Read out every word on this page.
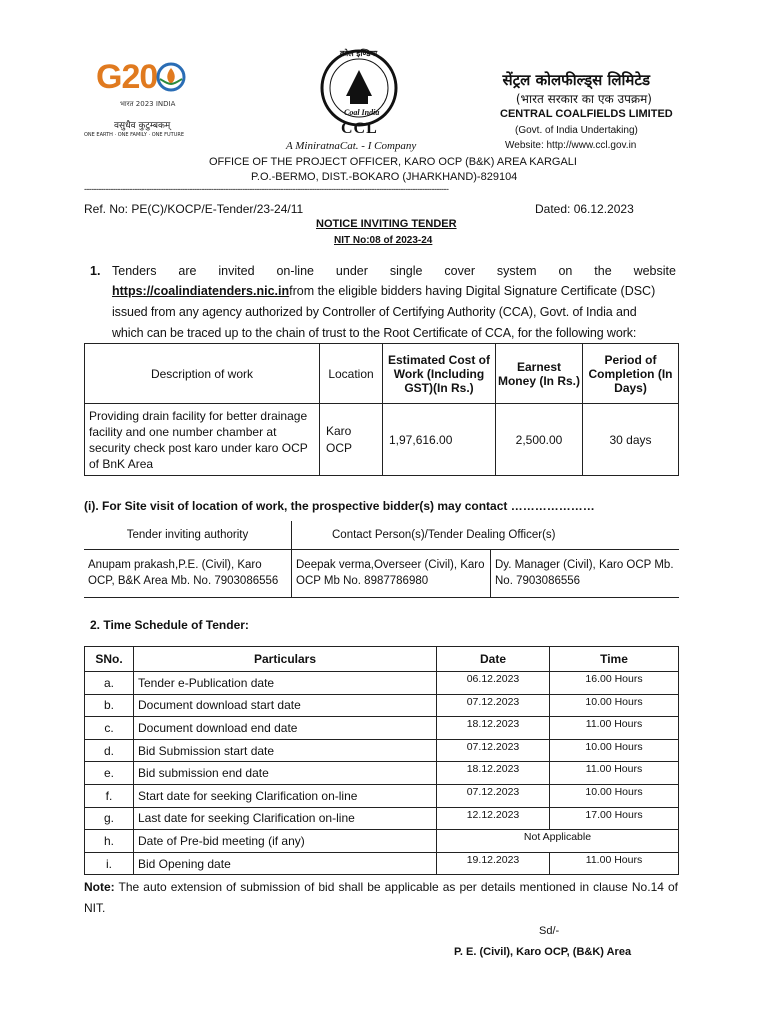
G20
भारत 2023 INDIA
वसुधैव कुटुम्बकम्
ONE EARTH · ONE FAMILY · ONE FUTURE
कोल इण्डिया
Coal India
CCL
A MiniratnaCat. - I Company
सेंट्रल कोलफील्ड्स लिमिटेड
(भारत सरकार का एक उपक्रम)
CENTRAL COALFIELDS LIMITED
(Govt. of India Undertaking)
Website: http://www.ccl.gov.in
OFFICE OF THE PROJECT OFFICER, KARO OCP (B&K) AREA KARGALI
P.O.-BERMO, DIST.-BOKARO (JHARKHAND)-829104
--------------------------------------------------------------------------------------------------------------------------------------------------------
Ref. No: PE(C)/KOCP/E-Tender/23-24/11	Dated: 06.12.2023
NOTICE INVITING TENDER
NIT No:08 of 2023-24
1. Tenders are invited on-line under single cover system on the website
https://coalindiatenders.nic.infrom the eligible bidders having Digital Signature Certificate (DSC)
issued from any agency authorized by Controller of Certifying Authority (CCA), Govt. of India and
which can be traced up to the chain of trust to the Root Certificate of CCA, for the following work:
Description of work	Location	Estimated Cost of Work (Including GST)(In Rs.)	Earnest Money (In Rs.)	Period of Completion (In Days)
Providing drain facility for better drainage facility and one number chamber at security check post karo under karo OCP of BnK Area	Karo OCP	1,97,616.00	2,500.00	30 days
(i). For Site visit of location of work, the prospective bidder(s) may contact …………………
Tender inviting authority	Contact Person(s)/Tender Dealing Officer(s)	
Anupam prakash,P.E. (Civil), Karo OCP, B&K Area Mb. No. 7903086556	Deepak verma,Overseer (Civil), Karo OCP Mb No. 8987786980	Dy. Manager (Civil), Karo OCP Mb. No. 7903086556
2. Time Schedule of Tender:
SNo.	Particulars	Date	Time
a.	Tender e-Publication date	06.12.2023	16.00 Hours
b.	Document download start date	07.12.2023	10.00 Hours
c.	Document download end date	18.12.2023	11.00 Hours
d.	Bid Submission start date	07.12.2023	10.00 Hours
e.	Bid submission end date	18.12.2023	11.00 Hours
f.	Start date for seeking Clarification on-line	07.12.2023	10.00 Hours
g.	Last date for seeking Clarification on-line	12.12.2023	17.00 Hours
h.	Date of Pre-bid meeting (if any)	Not Applicable	
i.	Bid Opening date	19.12.2023	11.00 Hours
Note: The auto extension of submission of bid shall be applicable as per details mentioned in clause No.14 of NIT.
Sd/-
P. E. (Civil), Karo OCP, (B&K) Area
